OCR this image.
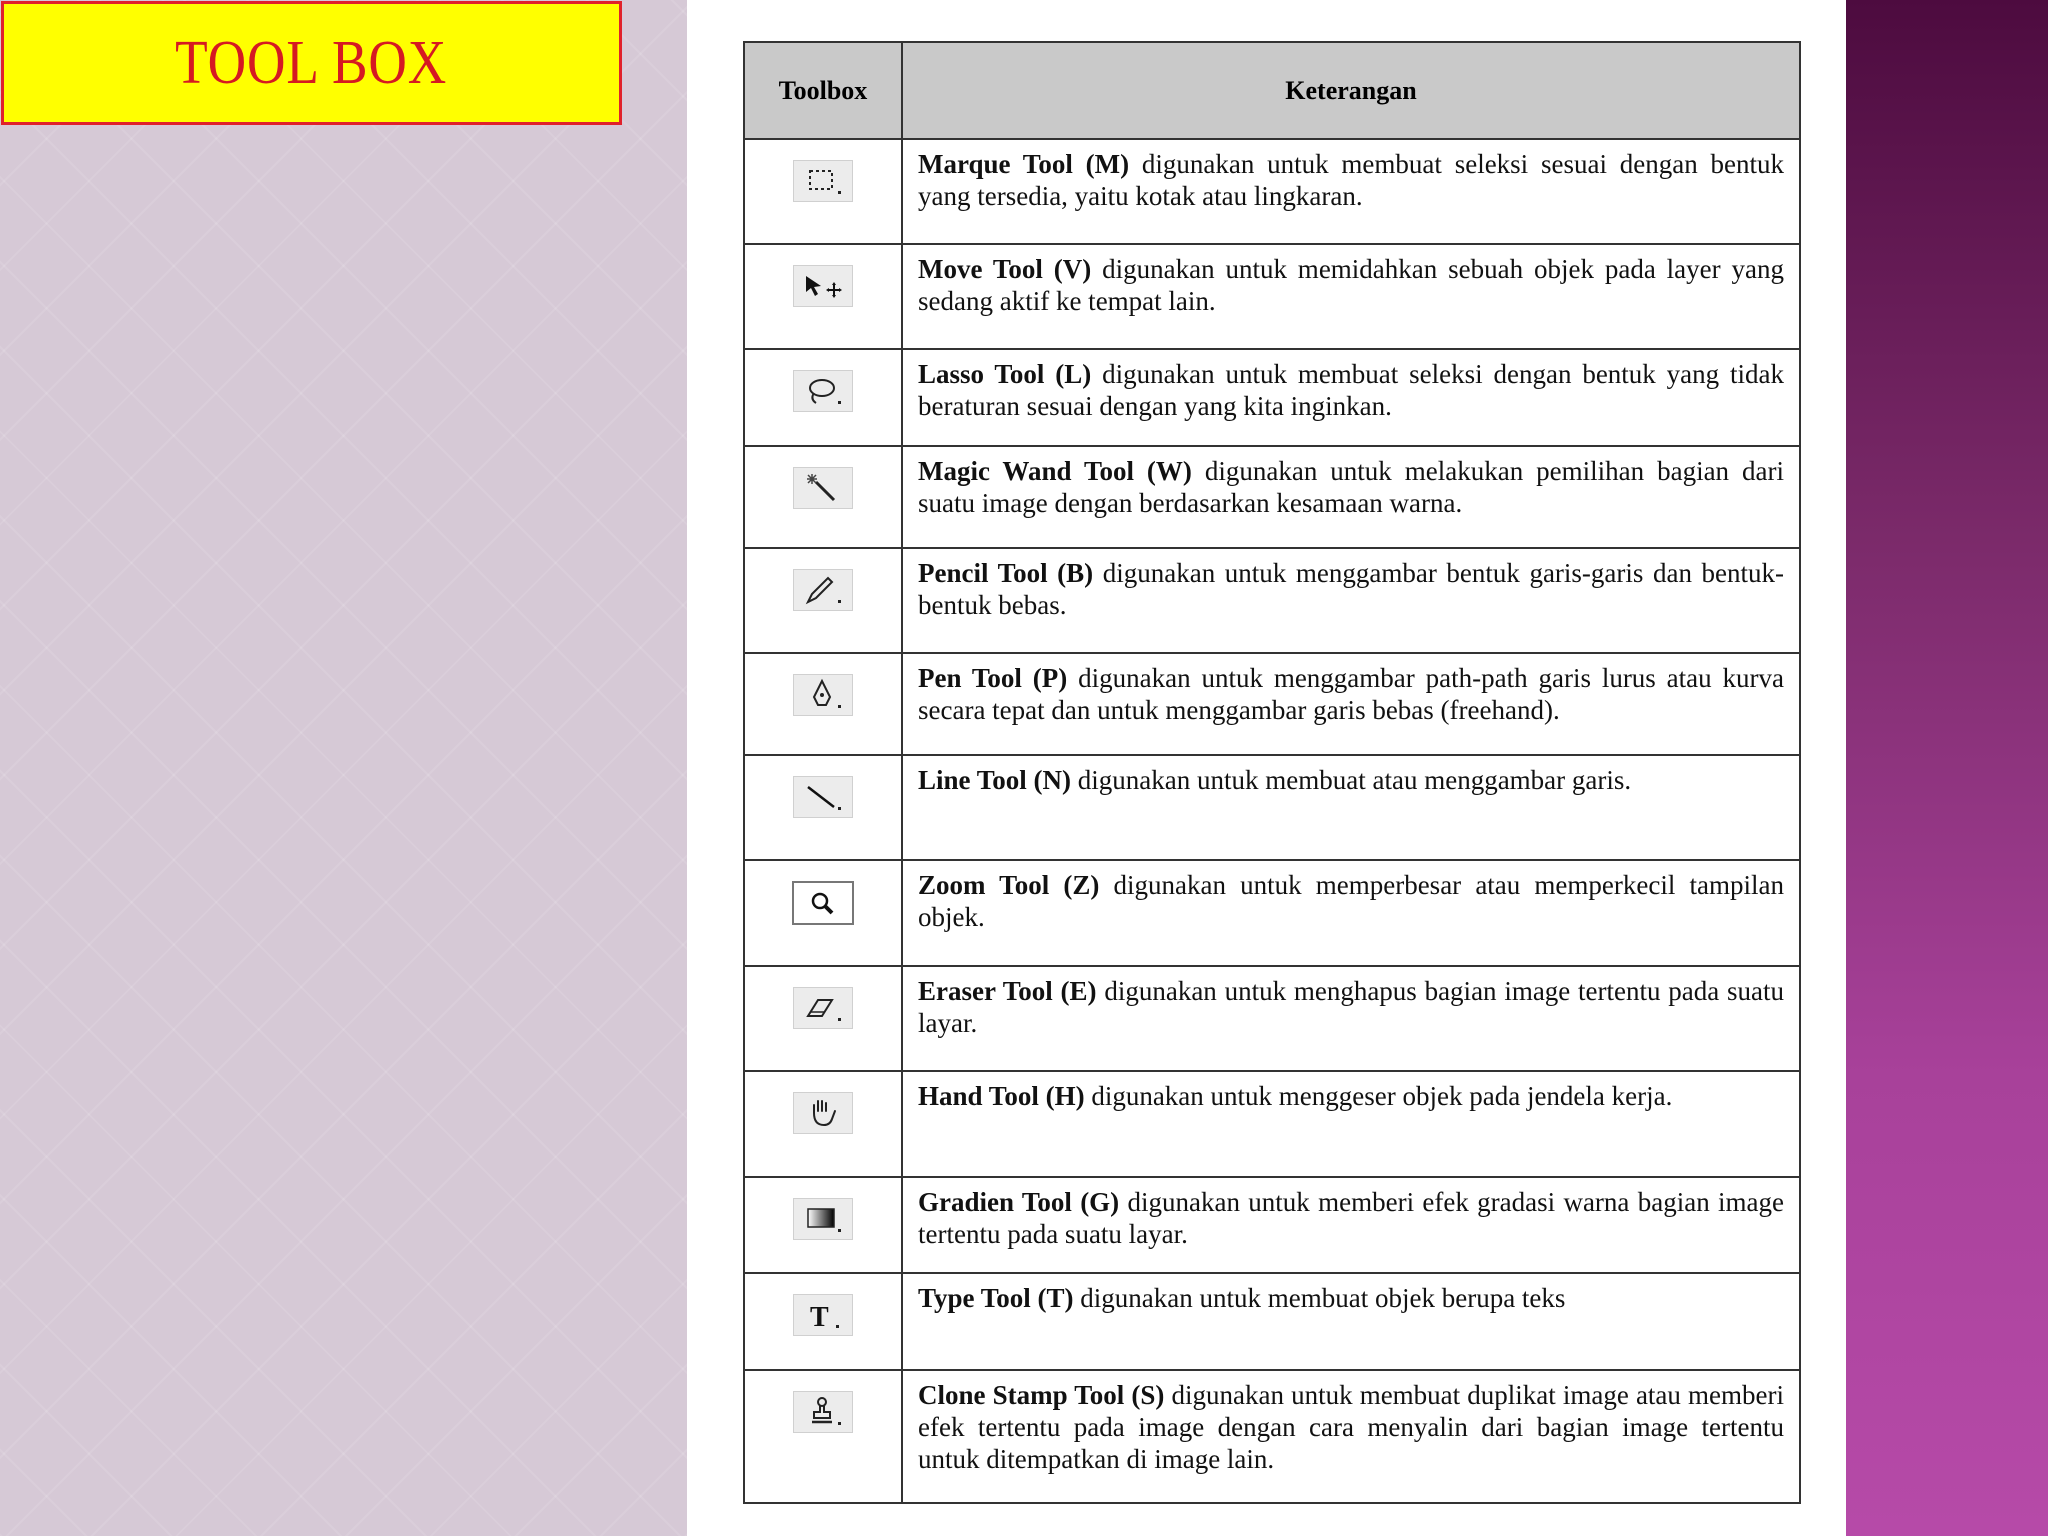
TOOL BOX	Toolbox	Keterangan

	Marque Tool (M) digunakan untuk membuat seleksi sesuai dengan bentuk yang tersedia, yaitu kotak atau lingkaran.

	Move Tool (V) digunakan untuk memidahkan sebuah objek pada layer yang sedang aktif ke tempat lain.

	Lasso Tool (L) digunakan untuk membuat seleksi dengan bentuk yang tidak beraturan sesuai dengan yang kita inginkan.

	Magic Wand Tool (W) digunakan untuk melakukan pemilihan bagian dari suatu image dengan berdasarkan kesamaan warna.

	Pencil Tool (B) digunakan untuk menggambar bentuk garis-garis dan bentuk-bentuk bebas.

	Pen Tool (P) digunakan untuk menggambar path-path garis lurus atau kurva secara tepat dan untuk menggambar garis bebas (freehand).

	Line Tool (N) digunakan untuk membuat atau menggambar garis.

	Zoom Tool (Z) digunakan untuk memperbesar atau memperkecil tampilan objek.

	Eraser Tool (E) digunakan untuk menghapus bagian image tertentu pada suatu layar.

	Hand Tool (H) digunakan untuk menggeser objek pada jendela kerja.

	Gradien Tool (G) digunakan untuk memberi efek gradasi warna bagian image tertentu pada suatu layar.

T	Type Tool (T) digunakan untuk membuat objek berupa teks

	Clone Stamp Tool (S) digunakan untuk membuat duplikat image atau memberi efek tertentu pada image dengan cara menyalin dari bagian image tertentu untuk ditempatkan di image lain.
